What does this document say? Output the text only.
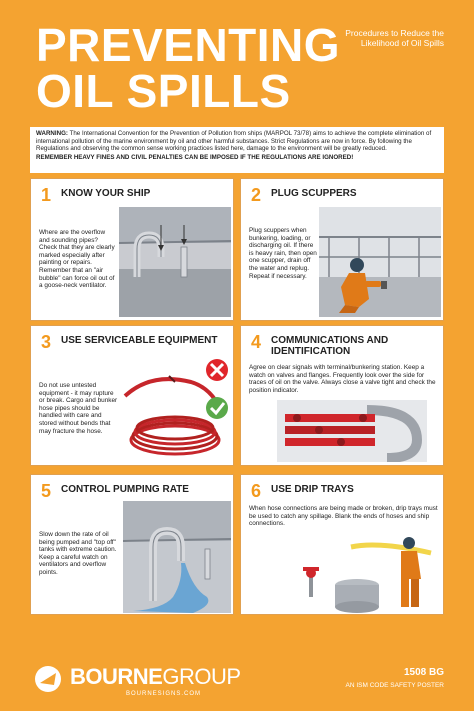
PREVENTING
OIL SPILLS
Procedures to Reduce the Likelihood of Oil Spills
WARNING: The International Convention for the Prevention of Pollution from ships (MARPOL 73/78) aims to achieve the complete elimination of international pollution of the marine environment by oil and other harmful substances. Strict Regulations are now in force. By following the Regulations and observing the common sense working practices listed here, damage to the environment will be greatly reduced.
REMEMBER HEAVY FINES AND CIVIL PENALTIES CAN BE IMPOSED IF THE REGULATIONS ARE IGNORED!
1 KNOW YOUR SHIP
Where are the overflow and sounding pipes? Check that they are clearly marked especially after painting or repairs. Remember that an "air bubble" can force oil out of a goose-neck ventilator.
2 PLUG SCUPPERS
Plug scuppers when bunkering, loading, or discharging oil. If there is heavy rain, then open one scupper, drain off the water and replug. Repeat if necessary.
3 USE SERVICEABLE EQUIPMENT
Do not use untested equipment - it may rupture or break. Cargo and bunker hose pipes should be handled with care and stored without bends that may fracture the hose.
4 COMMUNICATIONS AND IDENTIFICATION
Agree on clear signals with terminal/bunkering station. Keep a watch on valves and flanges. Frequently look over the side for traces of oil on the valve. Always close a valve tight and check the position indicator.
5 CONTROL PUMPING RATE
Slow down the rate of oil being pumped and "top off" tanks with extreme caution. Keep a careful watch on ventilators and overflow points.
6 USE DRIP TRAYS
When hose connections are being made or broken, drip trays must be used to catch any spillage. Blank the ends of hoses and ship connections.
BOURNEGROUP
BOURNESIGNS.COM
1508 BG
AN ISM CODE SAFETY POSTER
